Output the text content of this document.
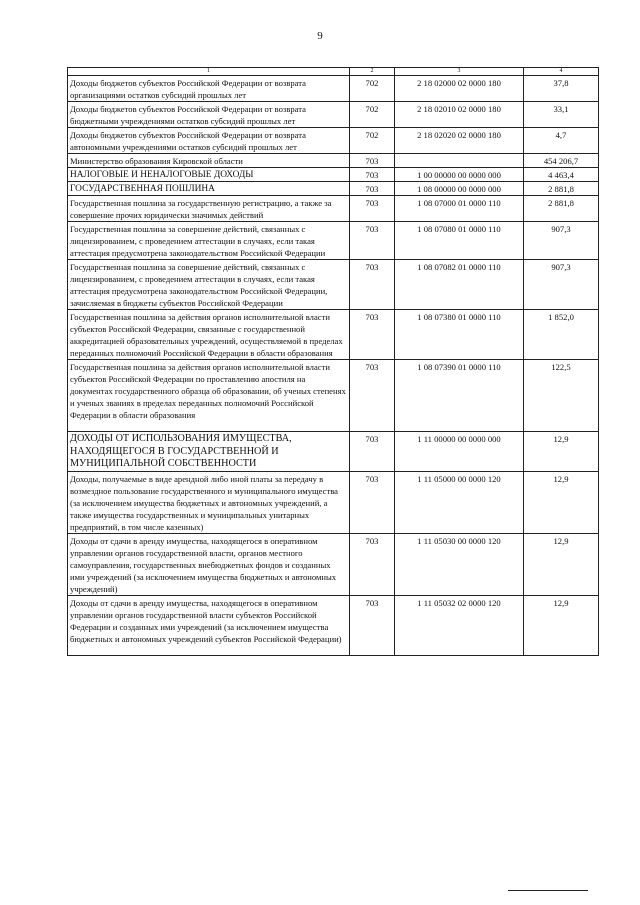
9
1	2	3	4
Доходы бюджетов субъектов Российской Федерации от возврата организациями остатков субсидий прошлых лет	702	2 18 02000 02 0000 180	37,8
Доходы бюджетов субъектов Российской Федерации от возврата бюджетными учреждениями остатков субсидий прошлых лет	702	2 18 02010 02 0000 180	33,1
Доходы бюджетов субъектов Российской Федерации от возврата автономными учреждениями остатков субсидий прошлых лет	702	2 18 02020 02 0000 180	4,7
Министерство образования Кировской области	703		454 206,7
НАЛОГОВЫЕ И НЕНАЛОГОВЫЕ ДОХОДЫ	703	1 00 00000 00 0000 000	4 463,4
ГОСУДАРСТВЕННАЯ ПОШЛИНА	703	1 08 00000 00 0000 000	2 881,8
Государственная пошлина за государственную регистрацию, а также за совершение прочих юридически значимых действий	703	1 08 07000 01 0000 110	2 881,8
Государственная пошлина за совершение действий, связанных с лицензированием, с проведением аттестации в случаях, если такая аттестация предусмотрена законодательством Российской Федерации	703	1 08 07080 01 0000 110	907,3
Государственная пошлина за совершение действий, связанных с лицензированием, с проведением аттестации в случаях, если такая аттестация предусмотрена законодательством Российской Федерации, зачисляемая в бюджеты субъектов Российской Федерации	703	1 08 07082 01 0000 110	907,3
Государственная пошлина за действия органов исполнительной власти субъектов Российской Федерации, связанные с государственной аккредитацией образовательных учреждений, осуществляемой в пределах переданных полномочий Российской Федерации в области образования	703	1 08 07380 01 0000 110	1 852,0
Государственная пошлина за действия органов исполнительной власти субъектов Российской Федерации по проставлению апостиля на документах государственного образца об образовании, об ученых степенях и ученых званиях в пределах переданных полномочий Российской Федерации в области образования	703	1 08 07390 01 0000 110	122,5
ДОХОДЫ ОТ ИСПОЛЬЗОВАНИЯ ИМУЩЕСТВА, НАХОДЯЩЕГОСЯ В ГОСУДАРСТВЕННОЙ И МУНИЦИПАЛЬНОЙ СОБСТВЕННОСТИ	703	1 11 00000 00 0000 000	12,9
Доходы, получаемые в виде арендной либо иной платы за передачу в возмездное пользование государственного и муниципального имущества (за исключением имущества бюджетных и автономных учреждений, а также имущества государственных и муниципальных унитарных предприятий, в том числе казенных)	703	1 11 05000 00 0000 120	12,9
Доходы от сдачи в аренду имущества, находящегося в оперативном управлении органов государственной власти, органов местного самоуправления, государственных внебюджетных фондов и созданных ими учреждений (за исключением имущества бюджетных и автономных учреждений)	703	1 11 05030 00 0000 120	12,9
Доходы от сдачи в аренду имущества, находящегося в оперативном управлении органов государственной власти субъектов Российской Федерации и созданных ими учреждений (за исключением имущества бюджетных и автономных учреждений субъектов Российской Федерации)	703	1 11 05032 02 0000 120	12,9
